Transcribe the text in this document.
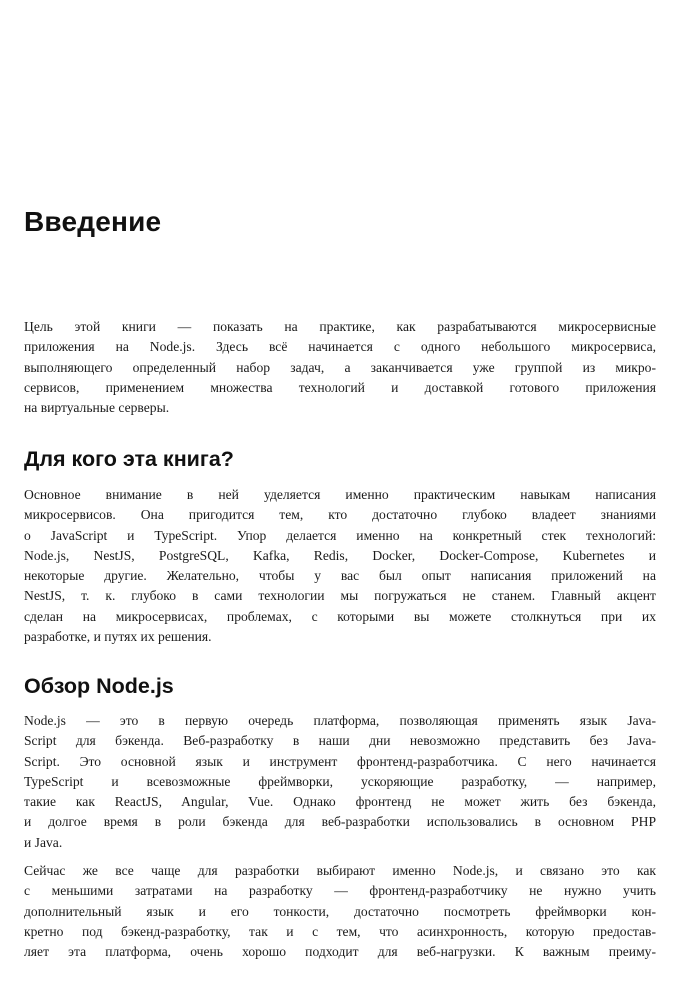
Введение
Цель этой книги — показать на практике, как разрабатываются микросервисные
приложения на Node.js. Здесь всё начинается с одного небольшого микросервиса,
выполняющего определенный набор задач, а заканчивается уже группой из микро-
сервисов, применением множества технологий и доставкой готового приложения
на виртуальные серверы.
Для кого эта книга?
Основное внимание в ней уделяется именно практическим навыкам написания
микросервисов. Она пригодится тем, кто достаточно глубоко владеет знаниями
о JavaScript и TypeScript. Упор делается именно на конкретный стек технологий:
Node.js, NestJS, PostgreSQL, Kafka, Redis, Docker, Docker-Compose, Kubernetes и
некоторые другие. Желательно, чтобы у вас был опыт написания приложений на
NestJS, т. к. глубоко в сами технологии мы погружаться не станем. Главный акцент
сделан на микросервисах, проблемах, с которыми вы можете столкнуться при их
разработке, и путях их решения.
Обзор Node.js
Node.js — это в первую очередь платформа, позволяющая применять язык Java-
Script для бэкенда. Веб-разработку в наши дни невозможно представить без Java-
Script. Это основной язык и инструмент фронтенд-разработчика. С него начинается
TypeScript и всевозможные фреймворки, ускоряющие разработку, — например,
такие как ReactJS, Angular, Vue. Однако фронтенд не может жить без бэкенда,
и долгое время в роли бэкенда для веб-разработки использовались в основном PHP
и Java.
Сейчас же все чаще для разработки выбирают именно Node.js, и связано это как
с меньшими затратами на разработку — фронтенд-разработчику не нужно учить
дополнительный язык и его тонкости, достаточно посмотреть фреймворки кон-
кретно под бэкенд-разработку, так и с тем, что асинхронность, которую предостав-
ляет эта платформа, очень хорошо подходит для веб-нагрузки. К важным преиму-
